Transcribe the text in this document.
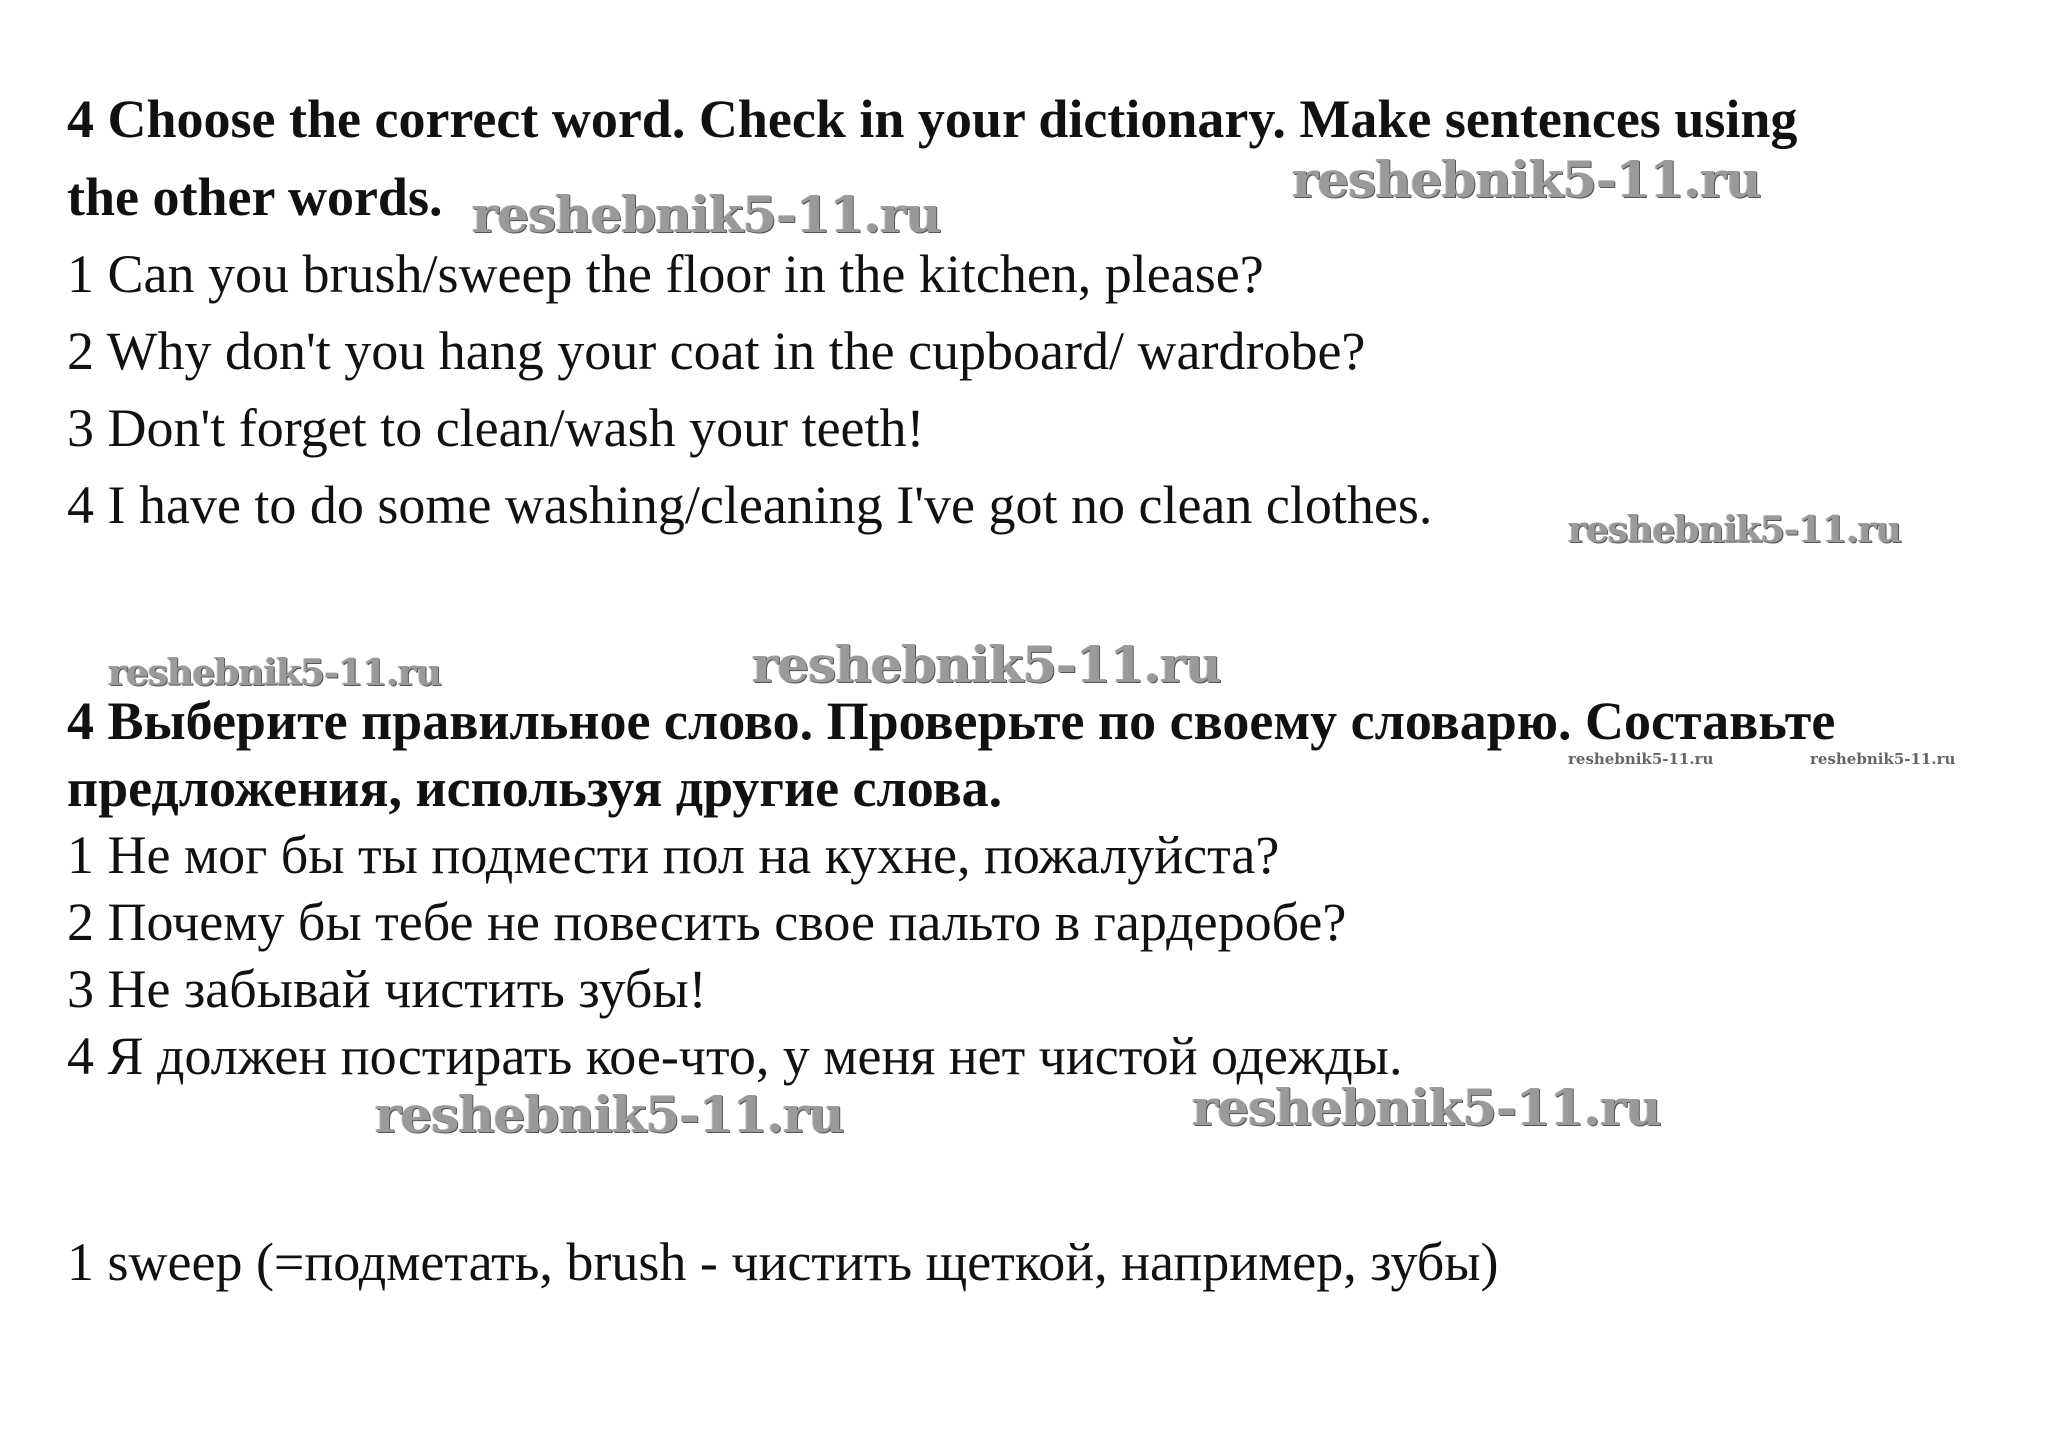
4 Choose the correct word. Check in your dictionary. Make sentences using
the other words.
1 Can you brush/sweep the floor in the kitchen, please?
2 Why don't you hang your coat in the cupboard/ wardrobe?
3 Don't forget to clean/wash your teeth!
4 I have to do some washing/cleaning I've got no clean clothes.
4 Выберите правильное слово. Проверьте по своему словарю. Составьте
предложения, используя другие слова.
1 Не мог бы ты подмести пол на кухне, пожалуйста?
2 Почему бы тебе не повесить свое пальто в гардеробе?
3 Не забывай чистить зубы!
4 Я должен постирать кое-что, у меня нет чистой одежды.
1 sweep (=подметать, brush - чистить щеткой, например, зубы)
reshebnik5-11.ru
reshebnik5-11.ru
reshebnik5-11.ru
reshebnik5-11.ru	reshebnik5-11.ru
reshebnik5-11.ru	reshebnik5-11.ru
reshebnik5-11.ru	reshebnik5-11.ru
